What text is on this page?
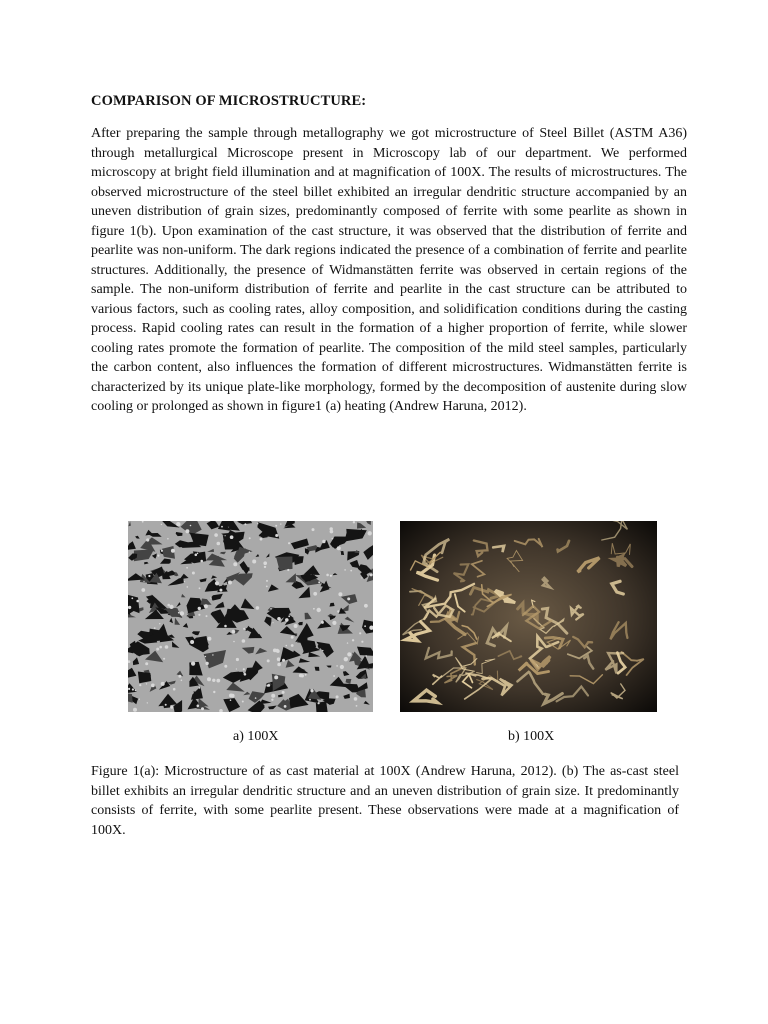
COMPARISON OF MICROSTRUCTURE:

After preparing the sample through metallography we got microstructure of Steel Billet (ASTM A36) through metallurgical Microscope present in Microscopy lab of our department. We performed microscopy at bright field illumination and at magnification of 100X. The results of microstructures. The observed microstructure of the steel billet exhibited an irregular dendritic structure accompanied by an uneven distribution of grain sizes, predominantly composed of ferrite with some pearlite as shown in figure 1(b). Upon examination of the cast structure, it was observed that the distribution of ferrite and pearlite was non-uniform. The dark regions indicated the presence of a combination of ferrite and pearlite structures. Additionally, the presence of Widmanstätten ferrite was observed in certain regions of the sample. The non-uniform distribution of ferrite and pearlite in the cast structure can be attributed to various factors, such as cooling rates, alloy composition, and solidification conditions during the casting process. Rapid cooling rates can result in the formation of a higher proportion of ferrite, while slower cooling rates promote the formation of pearlite. The composition of the mild steel samples, particularly the carbon content, also influences the formation of different microstructures. Widmanstätten ferrite is characterized by its unique plate-like morphology, formed by the decomposition of austenite during slow cooling or prolonged as shown in figure1 (a) heating (Andrew Haruna, 2012).

a) 100X	b) 100X

Figure 1(a): Microstructure of as cast material at 100X (Andrew Haruna, 2012). (b) The as-cast steel billet exhibits an irregular dendritic structure and an uneven distribution of grain size. It predominantly consists of ferrite, with some pearlite present. These observations were made at a magnification of 100X.
